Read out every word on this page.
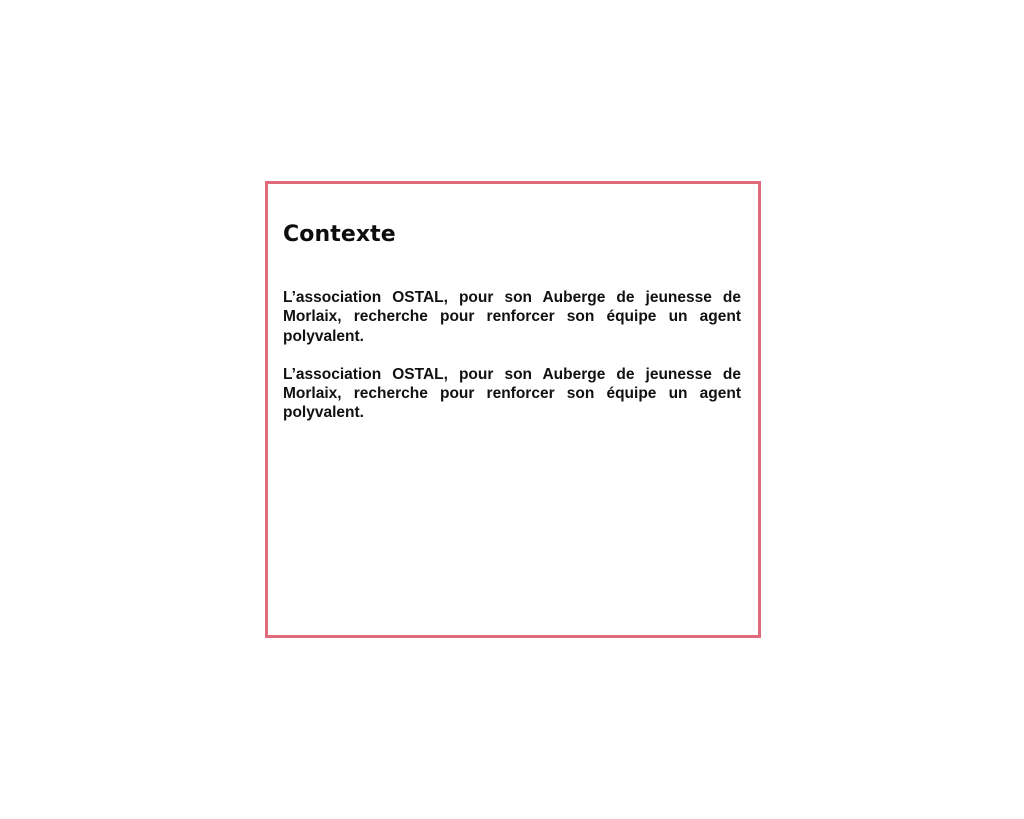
Contexte

L’association OSTAL, pour son Auberge de jeunesse de Morlaix, recherche pour renforcer son équipe un agent polyvalent.

L’association OSTAL, pour son Auberge de jeunesse de Morlaix, recherche pour renforcer son équipe un agent polyvalent.
